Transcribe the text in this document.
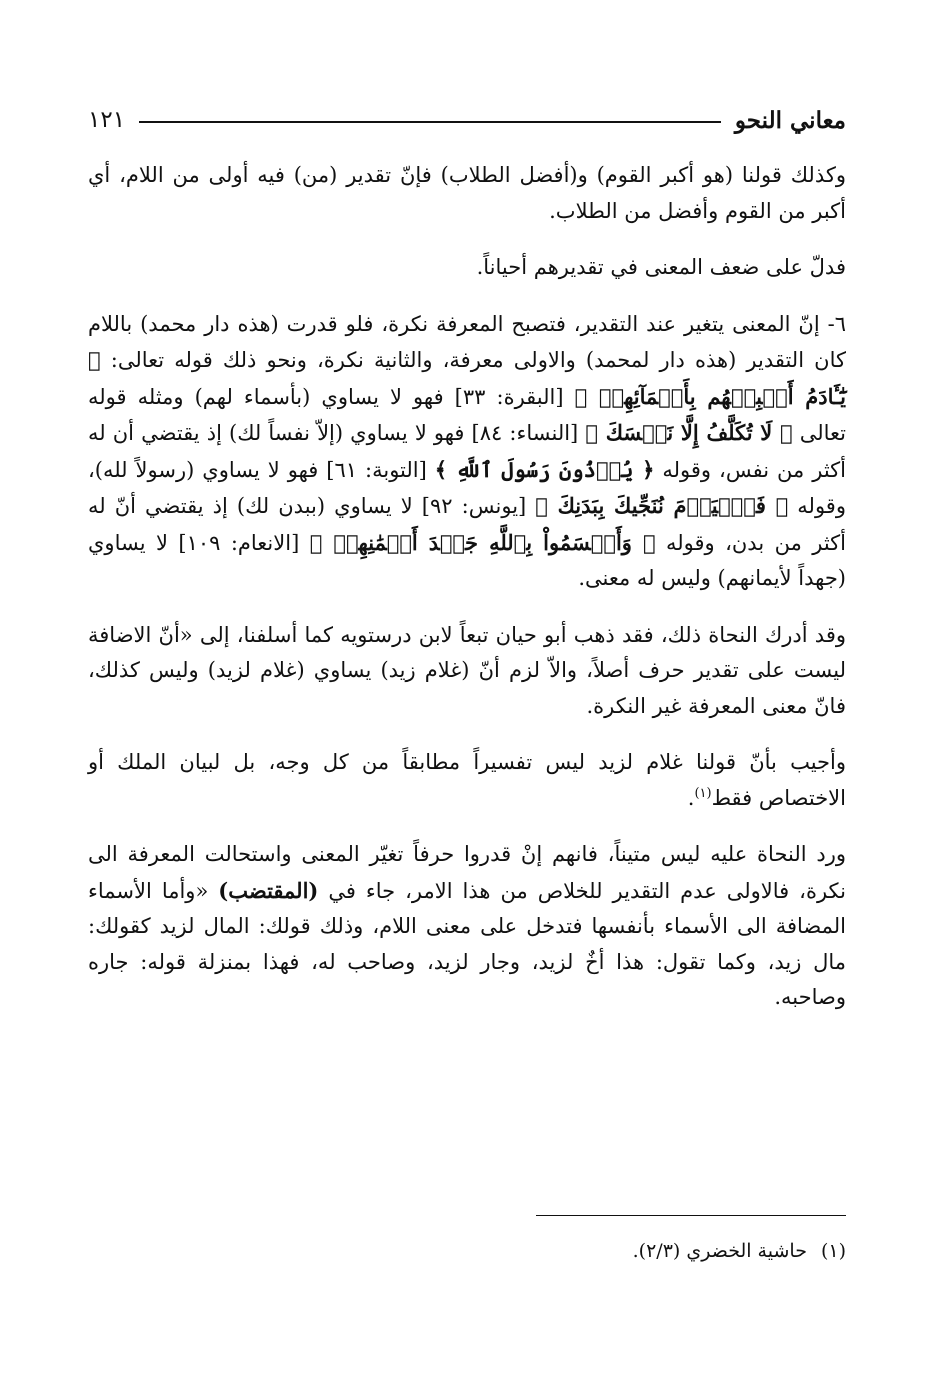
معاني النحو
١٢١

وكذلك قولنا (هو أكبر القوم) و(أفضل الطلاب) فإنّ تقدير (من) فيه أولى من اللام، أي أكبر من القوم وأفضل من الطلاب.

فدلّ على ضعف المعنى في تقديرهم أحياناً.

٦- إنّ المعنى يتغير عند التقدير، فتصبح المعرفة نكرة، فلو قدرت (هذه دار محمد) باللام كان التقدير (هذه دار لمحمد) والاولى معرفة، والثانية نكرة، ونحو ذلك قوله تعالى: ﴿ يَٰٓـَٔادَمُ أَنۢبِئۡهُم بِأَسۡمَآئِهِمۡ ﴾ [البقرة: ٣٣] فهو لا يساوي (بأسماء لهم) ومثله قوله تعالى ﴿ لَا تُكَلَّفُ إِلَّا نَفۡسَكَ ﴾ [النساء: ٨٤] فهو لا يساوي (إلاّ نفساً لك) إذ يقتضي أن له أكثر من نفس، وقوله ﴿ يُؤۡذُونَ رَسُولَ ٱللَّهِ ﴾ [التوبة: ٦١] فهو لا يساوي (رسولاً لله)، وقوله ﴿ فَٱلۡيَوۡمَ نُنَجِّيكَ بِبَدَنِكَ ﴾ [يونس: ٩٢] لا يساوي (ببدن لك) إذ يقتضي أنّ له أكثر من بدن، وقوله ﴿ وَأَقۡسَمُواْ بِٱللَّهِ جَهۡدَ أَيۡمَٰنِهِمۡ ﴾ [الانعام: ١٠٩] لا يساوي (جهداً لأيمانهم) وليس له معنى.

وقد أدرك النحاة ذلك، فقد ذهب أبو حيان تبعاً لابن درستويه كما أسلفنا، إلى «أنّ الاضافة ليست على تقدير حرف أصلاً، والاّ لزم أنّ (غلام زيد) يساوي (غلام لزيد) وليس كذلك، فانّ معنى المعرفة غير النكرة.

وأجيب بأنّ قولنا غلام لزيد ليس تفسيراً مطابقاً من كل وجه، بل لبيان الملك أو الاختصاص فقط$^{(١)}$.

ورد النحاة عليه ليس متيناً، فانهم إنْ قدروا حرفاً تغيّر المعنى واستحالت المعرفة الى نكرة، فالاولى عدم التقدير للخلاص من هذا الامر، جاء في (المقتضب) «وأما الأسماء المضافة الى الأسماء بأنفسها فتدخل على معنى اللام، وذلك قولك: المال لزيد كقولك: مال زيد، وكما تقول: هذا أخٌ لزيد، وجار لزيد، وصاحب له، فهذا بمنزلة قوله: جاره وصاحبه.

(١)حاشية الخضري (٢/٣).
